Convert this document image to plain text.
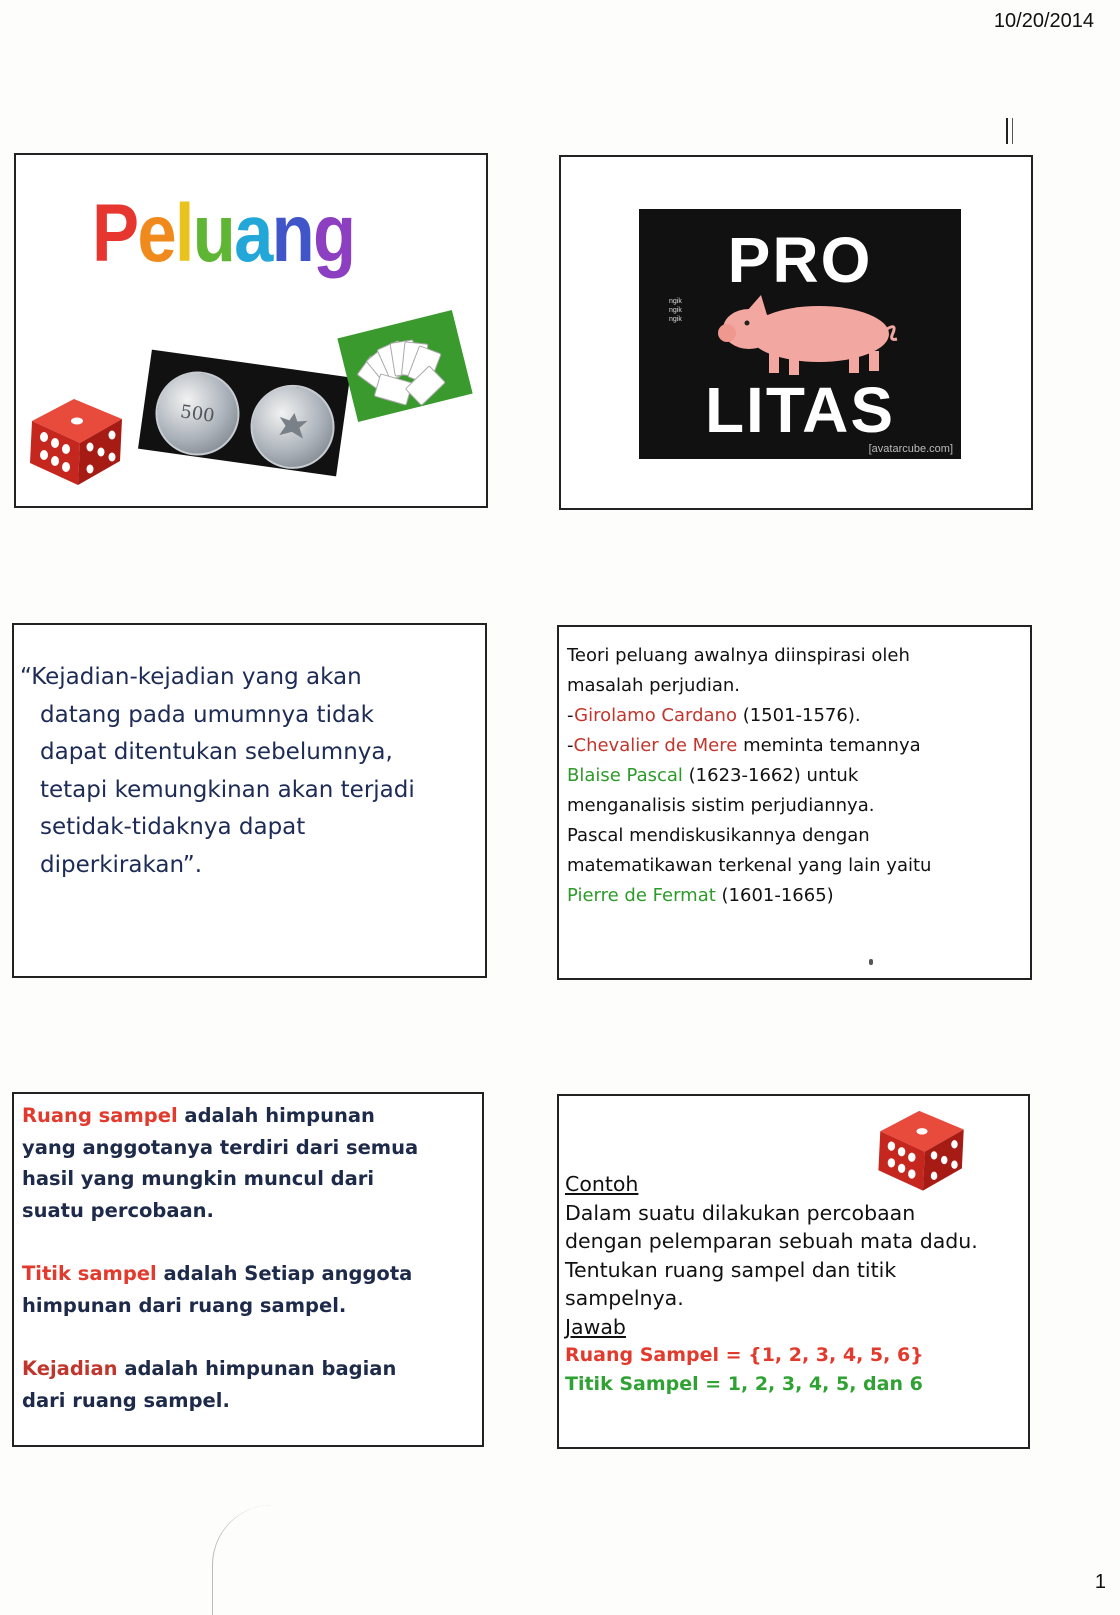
10/20/2014
Peluang
500
PRO
ngik ngik ngik
LITAS
[avatarcube.com]
“Kejadian-kejadian yang akan
datang pada umumnya tidak
dapat ditentukan sebelumnya,
tetapi kemungkinan akan terjadi
setidak-tidaknya dapat
diperkirakan”.
Teori peluang awalnya diinspirasi oleh
masalah perjudian.
-Girolamo Cardano (1501-1576).
-Chevalier de Mere meminta temannya
Blaise Pascal (1623-1662) untuk
menganalisis sistim perjudiannya.
Pascal mendiskusikannya dengan
matematikawan terkenal yang lain yaitu
Pierre de Fermat (1601-1665)

Ruang sampel adalah himpunan
yang anggotanya terdiri dari semua
hasil yang mungkin muncul dari
suatu percobaan.

Titik sampel adalah Setiap anggota
himpunan dari ruang sampel.

Kejadian adalah himpunan bagian
dari ruang sampel.

Contoh
Dalam suatu dilakukan percobaan
dengan pelemparan sebuah mata dadu.
Tentukan ruang sampel dan titik
sampelnya.
Jawab
Ruang Sampel = {1, 2, 3, 4, 5, 6}
Titik Sampel = 1, 2, 3, 4, 5, dan 6
1
